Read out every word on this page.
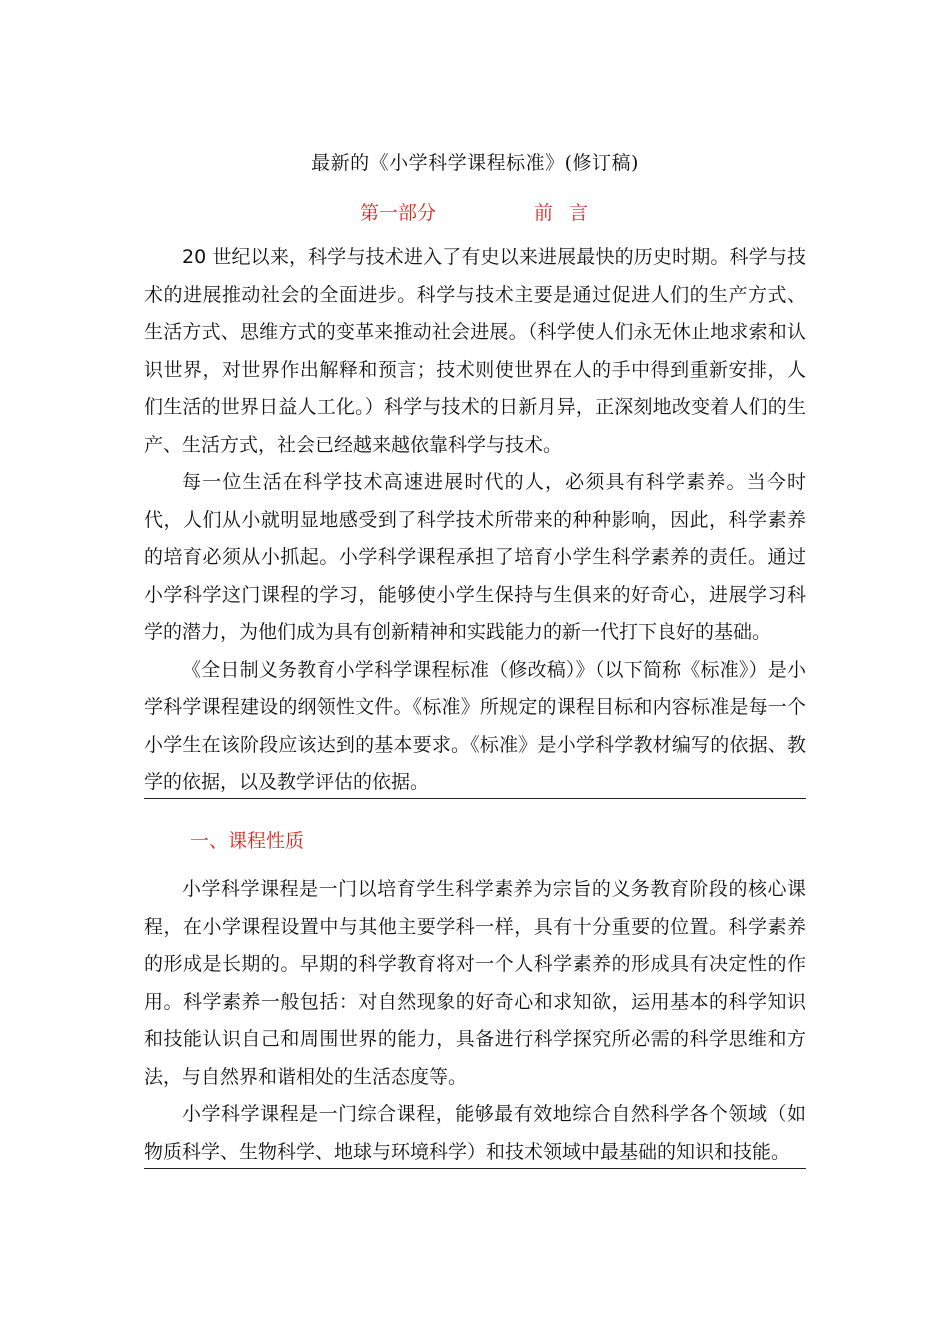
最新的《小学科学课程标准》(修订稿)
第一部分	前言

20 世纪以来，科学与技术进入了有史以来进展最快的历史时期。科学与技术的进展推动社会的全面进步。科学与技术主要是通过促进人们的生产方式、生活方式、思维方式的变革来推动社会进展。（科学使人们永无休止地求索和认识世界，对世界作出解释和预言；技术则使世界在人的手中得到重新安排，人们生活的世界日益人工化。）科学与技术的日新月异，正深刻地改变着人们的生产、生活方式，社会已经越来越依靠科学与技术。

每一位生活在科学技术高速进展时代的人，必须具有科学素养。当今时代，人们从小就明显地感受到了科学技术所带来的种种影响，因此，科学素养的培育必须从小抓起。小学科学课程承担了培育小学生科学素养的责任。通过小学科学这门课程的学习，能够使小学生保持与生俱来的好奇心，进展学习科学的潜力，为他们成为具有创新精神和实践能力的新一代打下良好的基础。

《全日制义务教育小学科学课程标准（修改稿）》（以下简称《标准》）是小学科学课程建设的纲领性文件。《标准》所规定的课程目标和内容标准是每一个小学生在该阶段应该达到的基本要求。《标准》是小学科学教材编写的依据、教学的依据，以及教学评估的依据。

一、课程性质

小学科学课程是一门以培育学生科学素养为宗旨的义务教育阶段的核心课程，在小学课程设置中与其他主要学科一样，具有十分重要的位置。科学素养的形成是长期的。早期的科学教育将对一个人科学素养的形成具有决定性的作用。科学素养一般包括：对自然现象的好奇心和求知欲，运用基本的科学知识和技能认识自己和周围世界的能力，具备进行科学探究所必需的科学思维和方法，与自然界和谐相处的生活态度等。

小学科学课程是一门综合课程，能够最有效地综合自然科学各个领域（如物质科学、生物科学、地球与环境科学）和技术领域中最基础的知识和技能。
